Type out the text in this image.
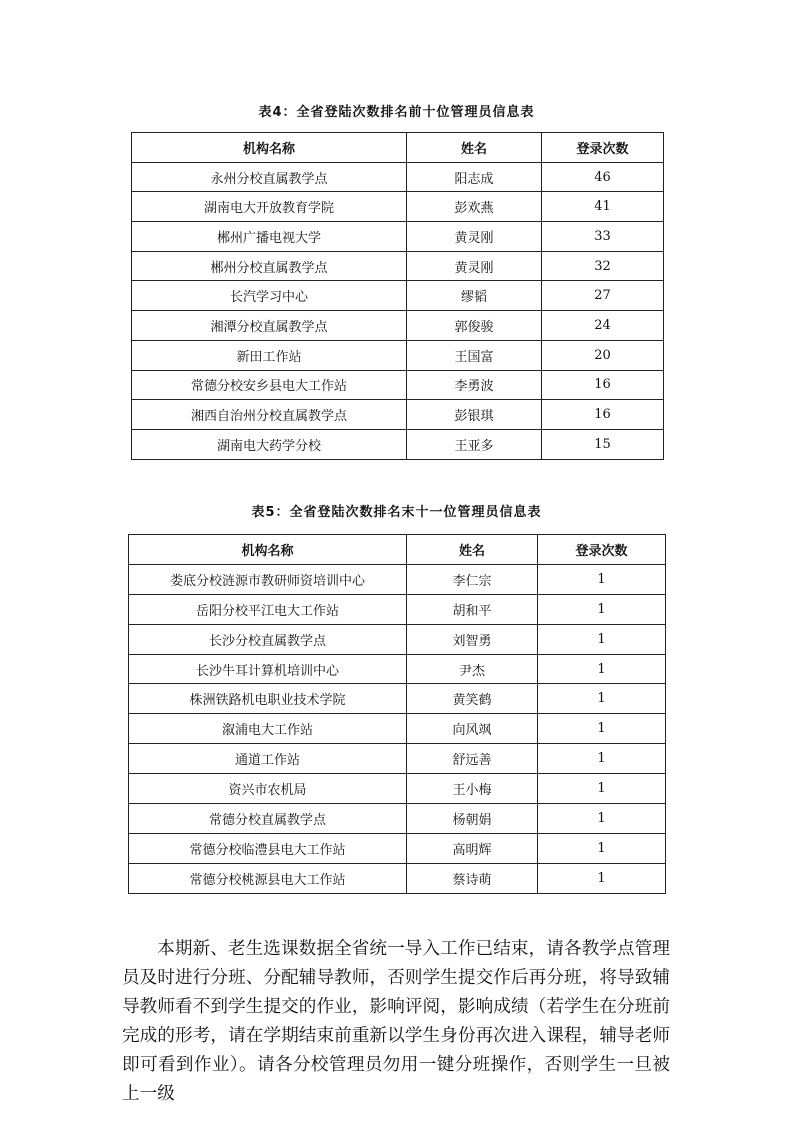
表4：全省登陆次数排名前十位管理员信息表
机构名称	姓名	登录次数
永州分校直属教学点	阳志成	46
湖南电大开放教育学院	彭欢燕	41
郴州广播电视大学	黄灵刚	33
郴州分校直属教学点	黄灵刚	32
长汽学习中心	缪韬	27
湘潭分校直属教学点	郭俊骏	24
新田工作站	王国富	20
常德分校安乡县电大工作站	李勇波	16
湘西自治州分校直属教学点	彭银琪	16
湖南电大药学分校	王亚多	15
表5：全省登陆次数排名末十一位管理员信息表
机构名称	姓名	登录次数
娄底分校涟源市教研师资培训中心	李仁宗	1
岳阳分校平江电大工作站	胡和平	1
长沙分校直属教学点	刘智勇	1
长沙牛耳计算机培训中心	尹杰	1
株洲铁路机电职业技术学院	黄笑鹤	1
溆浦电大工作站	向风飒	1
通道工作站	舒远善	1
资兴市农机局	王小梅	1
常德分校直属教学点	杨朝娟	1
常德分校临澧县电大工作站	高明辉	1
常德分校桃源县电大工作站	蔡诗萌	1

本期新、老生选课数据全省统一导入工作已结束，请各教学点管理员及时进行分班、分配辅导教师，否则学生提交作后再分班，将导致辅导教师看不到学生提交的作业，影响评阅，影响成绩（若学生在分班前完成的形考，请在学期结束前重新以学生身份再次进入课程，辅导老师即可看到作业）。请各分校管理员勿用一键分班操作，否则学生一旦被上一级
